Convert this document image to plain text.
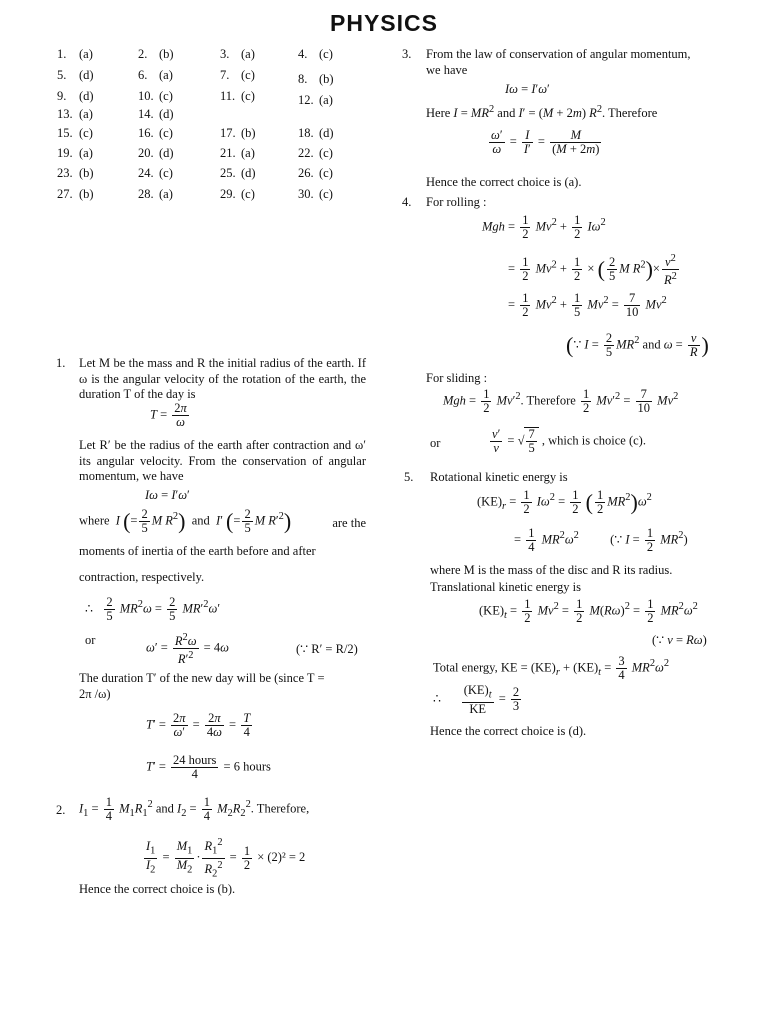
PHYSICS
1. (a)	2. (b)	3. (a)	4. (c)
5. (d)	6. (a)	7. (c)	8. (b)
9. (d)	10. (c)	11. (c)	12. (a)
13. (a)	14. (d)
15. (c)	16. (c)	17. (b)	18. (d)
19. (a)	20. (d)	21. (a)	22. (c)
23. (b)	24. (c)	25. (d)	26. (c)
27. (b)	28. (a)	29. (c)	30. (c)
1. Let M be the mass and R the initial radius of the earth. If ω is the angular velocity of the rotation of the earth, the duration T of the day is
$T = \frac{2\pi}{\omega}$
Let R′ be the radius of the earth after contraction and ω′ its angular velocity. From the conservation of angular momentum, we have
Iω = I′ω′
where I (= $\frac{2}{5}$ M $R^2$) and I′ (= $\frac{2}{5}$ M $R'^2$)	are the
moments of inertia of the earth before and after
contraction, respectively.
∴ $\frac{2}{5} MR^2\omega = \frac{2}{5} MR'^2\omega'$
or
$\omega' = \frac{R^2\omega}{R'^2} = 4\omega$	(∵ R′ = R/2)
The duration T′ of the new day will be (since T =
2π /ω)
$T' = \frac{2\pi}{\omega'} = \frac{2\pi}{4\omega} = \frac{T}{4}$
$T' = \frac{\text{24 hours}}{4} = 6$ hours
2. $I_1 = \frac{1}{4} M_1R_1^2$ and $I_2 = \frac{1}{4} M_2R_2^2$. Therefore,
$\frac{I_1}{I_2} = \frac{M_1}{M_2} \cdot \frac{R_1^2}{R_2^2} = \frac{1}{2} \times (2)^2 = 2$
Hence the correct choice is (b).
3. From the law of conservation of angular momentum,
we have
Iω = I′ω′
Here $I = MR^2$ and I′ = (M + 2m) $R^2$. Therefore
$\frac{\omega'}{\omega} = \frac{I}{I'} = \frac{M}{(M + 2m)}$
Hence the correct choice is (a).
4. For rolling :
Mgh = $\frac{1}{2} Mv^2 + \frac{1}{2} I\omega^2$
= $\frac{1}{2} Mv^2 + \frac{1}{2}$ × ( $\frac{2}{5}$ M $R^2)\times \frac{v^2}{R^2}$
= $\frac{1}{2} Mv^2 + \frac{1}{5} Mv^2 = \frac{7}{10} Mv^2$
(∵ $I = \frac{2}{5} MR^2$ and $\omega = \frac{v}{R}$ )
For sliding :
Mgh = $\frac{1}{2} Mv'^2$. Therefore $\frac{1}{2} Mv'^2 = \frac{7}{10} Mv^2$
or	$\frac{v'}{v}$ = √ $\frac{7}{5}$ , which is choice (c).
5. Rotational kinetic energy is
$(KE)_r = \frac{1}{2} I\omega^2 = \frac{1}{2}$ ( $\frac{1}{2} MR^2)\omega^2$
= $\frac{1}{4} MR^2\omega^2$          (∵ $I = \frac{1}{2} MR^2$)
where M is the mass of the disc and R its radius.
Translational kinetic energy is
$(KE)_t = \frac{1}{2} Mv^2 = \frac{1}{2} M(R\omega)^2 = \frac{1}{2} MR^2\omega^2$
(∵ v = Rω)
Total energy, KE = $(KE)_r + (KE)_t = \frac{3}{4} MR^2\omega^2$
∴ $\frac{(KE)_t}{KE} = \frac{2}{3}$
Hence the correct choice is (d).
